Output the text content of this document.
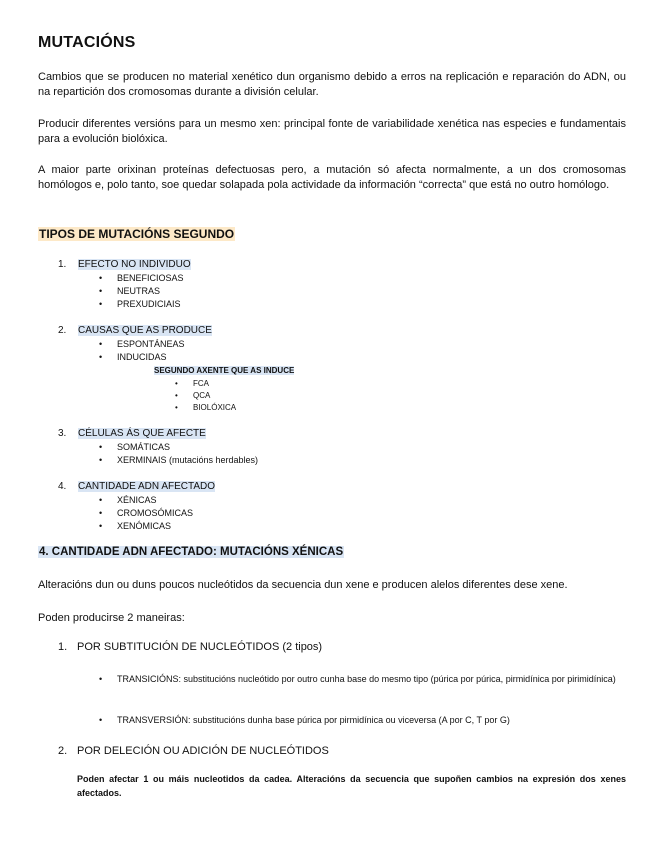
MUTACIÓNS

Cambios que se producen no material xenético dun organismo debido a erros na replicación e reparación do ADN, ou na repartición dos cromosomas durante a división celular.

Producir diferentes versións para un mesmo xen: principal fonte de variabilidade xenética nas especies e fundamentais para a evolución biolóxica.

A maior parte orixinan proteínas defectuosas pero, a mutación só afecta normalmente, a un dos cromosomas homólogos e, polo tanto, soe quedar solapada pola actividade da información “correcta” que está no outro homólogo.

TIPOS DE MUTACIÓNS SEGUNDO
1. EFECTO NO INDIVIDUO
• BENEFICIOSAS
• NEUTRAS
• PREXUDICIAIS
2. CAUSAS QUE AS PRODUCE
• ESPONTÁNEAS
• INDUCIDAS
SEGUNDO AXENTE QUE AS INDUCE
• FCA
• QCA
• BIOLÓXICA
3. CÉLULAS ÁS QUE AFECTE
• SOMÁTICAS
• XERMINAIS (mutacións herdables)
4. CANTIDADE ADN AFECTADO
• XÉNICAS
• CROMOSÓMICAS
• XENÓMICAS
4. CANTIDADE ADN AFECTADO: MUTACIÓNS XÉNICAS

Alteracións dun ou duns poucos nucleótidos da secuencia dun xene e producen alelos diferentes dese xene.

Poden producirse 2 maneiras:

1. POR SUBTITUCIÓN DE NUCLEÓTIDOS (2 tipos)
• TRANSICIÓNS: substitucións nucleótido por outro cunha base do mesmo tipo (púrica por púrica, pirmidínica por pirimidínica)
• TRANSVERSIÓN: substitucións dunha base púrica por pirmidínica ou viceversa (A por C, T por G)
2. POR DELECIÓN OU ADICIÓN DE NUCLEÓTIDOS
Poden afectar 1 ou máis nucleotidos da cadea. Alteracións da secuencia que supoñen cambios na expresión dos xenes afectados.
